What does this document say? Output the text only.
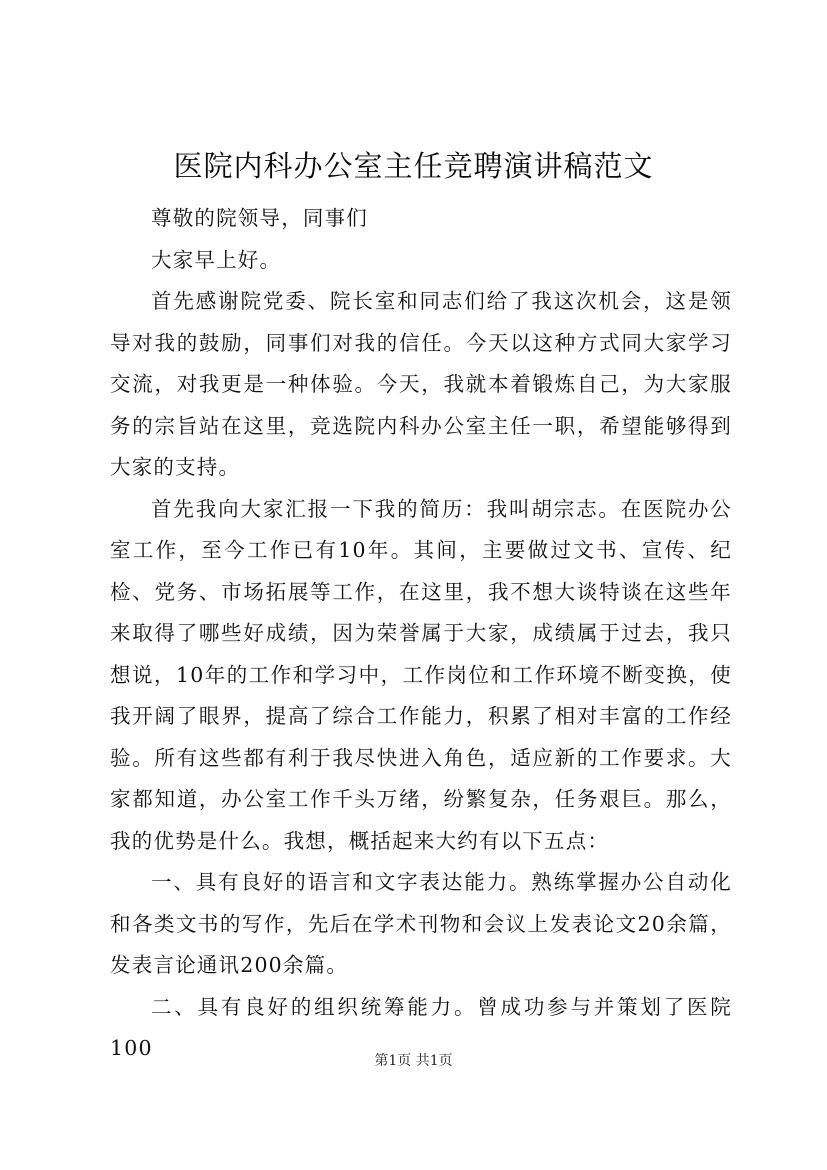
医院内科办公室主任竞聘演讲稿范文

尊敬的院领导，同事们

大家早上好。

首先感谢院党委、院长室和同志们给了我这次机会，这是领导对我的鼓励，同事们对我的信任。今天以这种方式同大家学习交流，对我更是一种体验。今天，我就本着锻炼自己，为大家服务的宗旨站在这里，竞选院内科办公室主任一职，希望能够得到大家的支持。

首先我向大家汇报一下我的简历：我叫胡宗志。在医院办公室工作，至今工作已有10年。其间，主要做过文书、宣传、纪检、党务、市场拓展等工作，在这里，我不想大谈特谈在这些年来取得了哪些好成绩，因为荣誉属于大家，成绩属于过去，我只想说，10年的工作和学习中，工作岗位和工作环境不断变换，使我开阔了眼界，提高了综合工作能力，积累了相对丰富的工作经验。所有这些都有利于我尽快进入角色，适应新的工作要求。大家都知道，办公室工作千头万绪，纷繁复杂，任务艰巨。那么，我的优势是什么。我想，概括起来大约有以下五点：

一、具有良好的语言和文字表达能力。熟练掌握办公自动化和各类文书的写作，先后在学术刊物和会议上发表论文20余篇，发表言论通讯200余篇。

二、具有良好的组织统筹能力。曾成功参与并策划了医院100

第1页 共1页
